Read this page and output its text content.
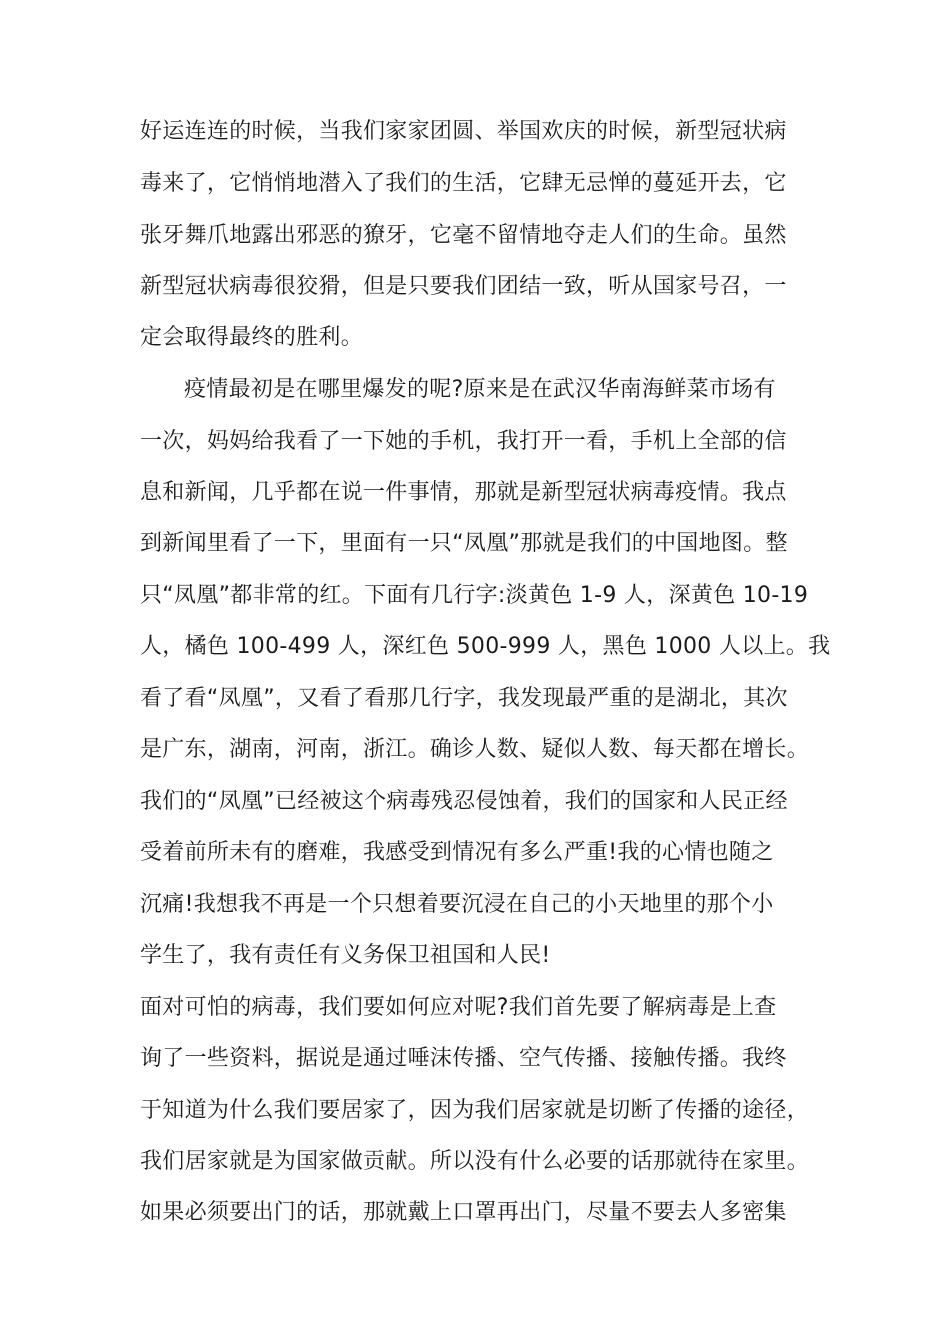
好运连连的时候，当我们家家团圆、举国欢庆的时候，新型冠状病
毒来了，它悄悄地潜入了我们的生活，它肆无忌惮的蔓延开去，它
张牙舞爪地露出邪恶的獠牙，它毫不留情地夺走人们的生命。虽然
新型冠状病毒很狡猾，但是只要我们团结一致，听从国家号召，一
定会取得最终的胜利。
疫情最初是在哪里爆发的呢?原来是在武汉华南海鲜菜市场有
一次，妈妈给我看了一下她的手机，我打开一看，手机上全部的信
息和新闻，几乎都在说一件事情，那就是新型冠状病毒疫情。我点
到新闻里看了一下，里面有一只“凤凰”那就是我们的中国地图。整
只“凤凰”都非常的红。下面有几行字:淡黄色 1-9 人，深黄色 10-19
人，橘色 100-499 人，深红色 500-999 人，黑色 1000 人以上。我
看了看“凤凰”，又看了看那几行字，我发现最严重的是湖北，其次
是广东，湖南，河南，浙江。确诊人数、疑似人数、每天都在增长。
我们的“凤凰”已经被这个病毒残忍侵蚀着，我们的国家和人民正经
受着前所未有的磨难，我感受到情况有多么严重!我的心情也随之
沉痛!我想我不再是一个只想着要沉浸在自己的小天地里的那个小
学生了，我有责任有义务保卫祖国和人民!
面对可怕的病毒，我们要如何应对呢?我们首先要了解病毒是上查
询了一些资料，据说是通过唾沫传播、空气传播、接触传播。我终
于知道为什么我们要居家了，因为我们居家就是切断了传播的途径，
我们居家就是为国家做贡献。所以没有什么必要的话那就待在家里。
如果必须要出门的话，那就戴上口罩再出门，尽量不要去人多密集
